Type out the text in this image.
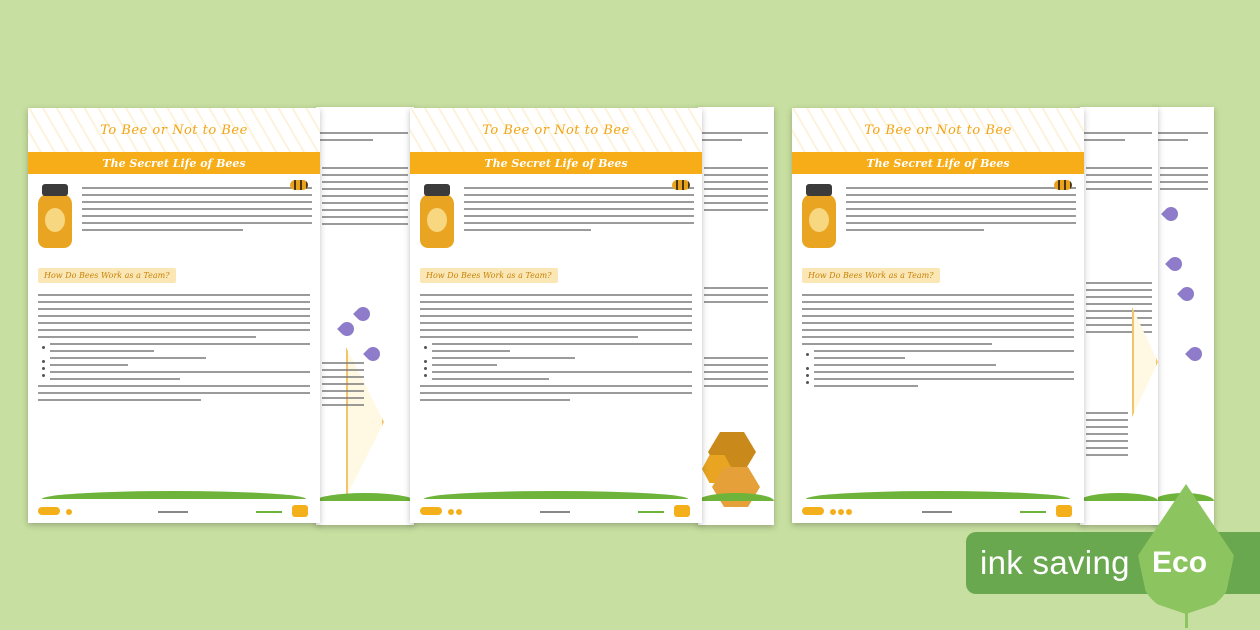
To Bee or Not to Bee
The Secret Life of Bees
How Do Bees Work as a Team?
To Bee or Not to Bee
The Secret Life of Bees
How Do Bees Work as a Team?
To Bee or Not to Bee
The Secret Life of Bees
How Do Bees Work as a Team?
ink saving Eco
